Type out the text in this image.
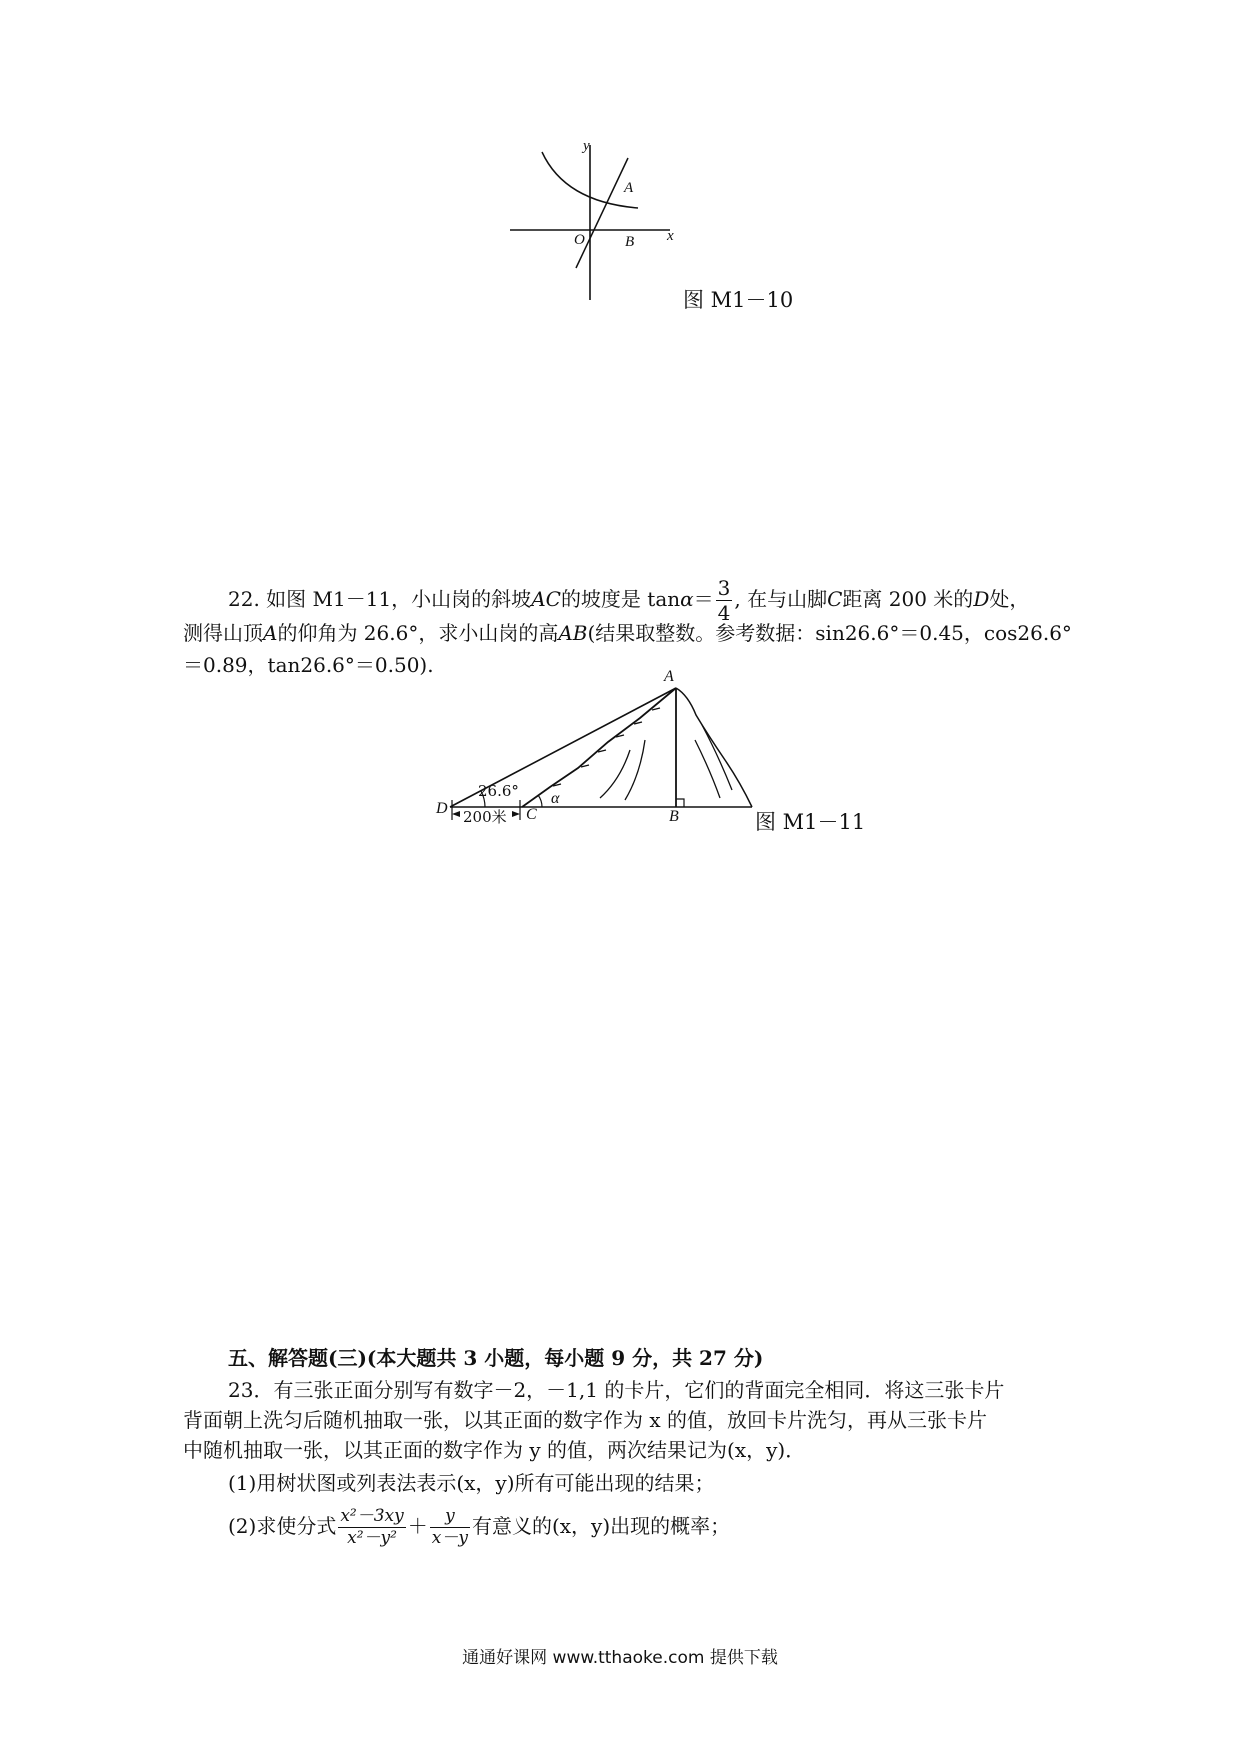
y
x
O
A
B
图 M1－10
22. 如图 M1－11，小山岗的斜坡AC的坡度是 $\tan\alpha= \frac{3}{4}$ , 在与山脚C距离 200 米的D处，
测得山顶A的仰角为 26.6°，求小山岗的高AB(结果取整数。参考数据：sin26.6°＝0.45，cos26.6°
＝0.89，tan26.6°＝0.50).	A
D	C	B
26.6° α
200米	图 M1－11
五、解答题(三)(本大题共 3 小题，每小题 9 分，共 27 分)
23．有三张正面分别写有数字－2，－1,1 的卡片，它们的背面完全相同．将这三张卡片
背面朝上洗匀后随机抽取一张，以其正面的数字作为 x 的值，放回卡片洗匀，再从三张卡片
中随机抽取一张，以其正面的数字作为 y 的值，两次结果记为(x，y)．
(1)用树状图或列表法表示(x，y)所有可能出现的结果；
(2)求使分式 $\frac{\text{x²－3xy}}{\text{x²－y²}} + \frac{y}{x-y}$ 有意义的(x，y)出现的概率；
通通好课网 www.tthaoke.com 提供下载
